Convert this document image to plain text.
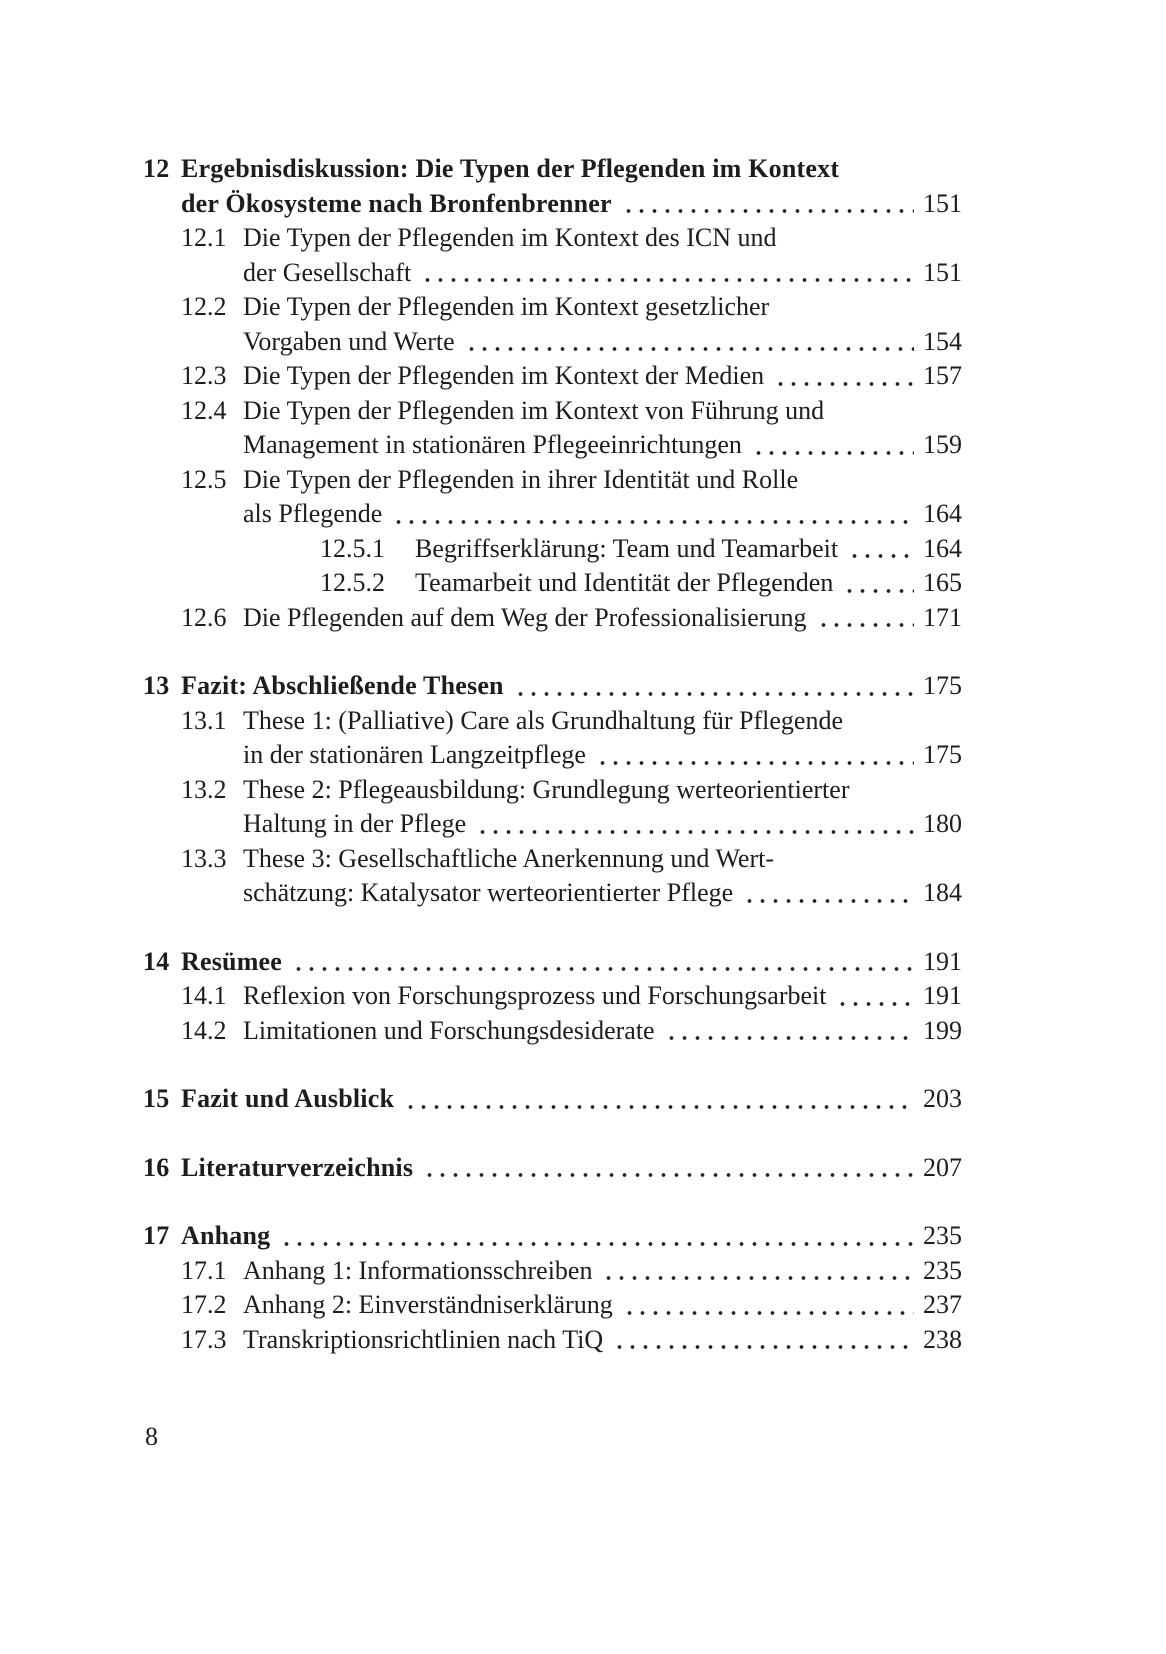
12 Ergebnisdiskussion: Die Typen der Pflegenden im Kontext
der Ökosysteme nach Bronfenbrenner	151
12.1 Die Typen der Pflegenden im Kontext des ICN und
der Gesellschaft	151
12.2 Die Typen der Pflegenden im Kontext gesetzlicher
Vorgaben und Werte	154
12.3 Die Typen der Pflegenden im Kontext der Medien	157
12.4 Die Typen der Pflegenden im Kontext von Führung und
Management in stationären Pflegeeinrichtungen	159
12.5 Die Typen der Pflegenden in ihrer Identität und Rolle
als Pflegende	164
12.5.1	Begriffserklärung: Team und Teamarbeit	164
12.5.2	Teamarbeit und Identität der Pflegenden	165
12.6 Die Pflegenden auf dem Weg der Professionalisierung	171
13 Fazit: Abschließende Thesen	175
13.1 These 1: (Palliative) Care als Grundhaltung für Pflegende
in der stationären Langzeitpflege	175
13.2 These 2: Pflegeausbildung: Grundlegung werteorientierter
Haltung in der Pflege	180
13.3 These 3: Gesellschaftliche Anerkennung und Wert-
schätzung: Katalysator werteorientierter Pflege	184
14 Resümee	191
14.1 Reflexion von Forschungsprozess und Forschungsarbeit	191
14.2 Limitationen und Forschungsdesiderate	199
15 Fazit und Ausblick	203
16 Literaturverzeichnis	207
17 Anhang	235
17.1 Anhang 1: Informationsschreiben	235
17.2 Anhang 2: Einverständniserklärung	237
17.3 Transkriptionsrichtlinien nach TiQ	238
8
